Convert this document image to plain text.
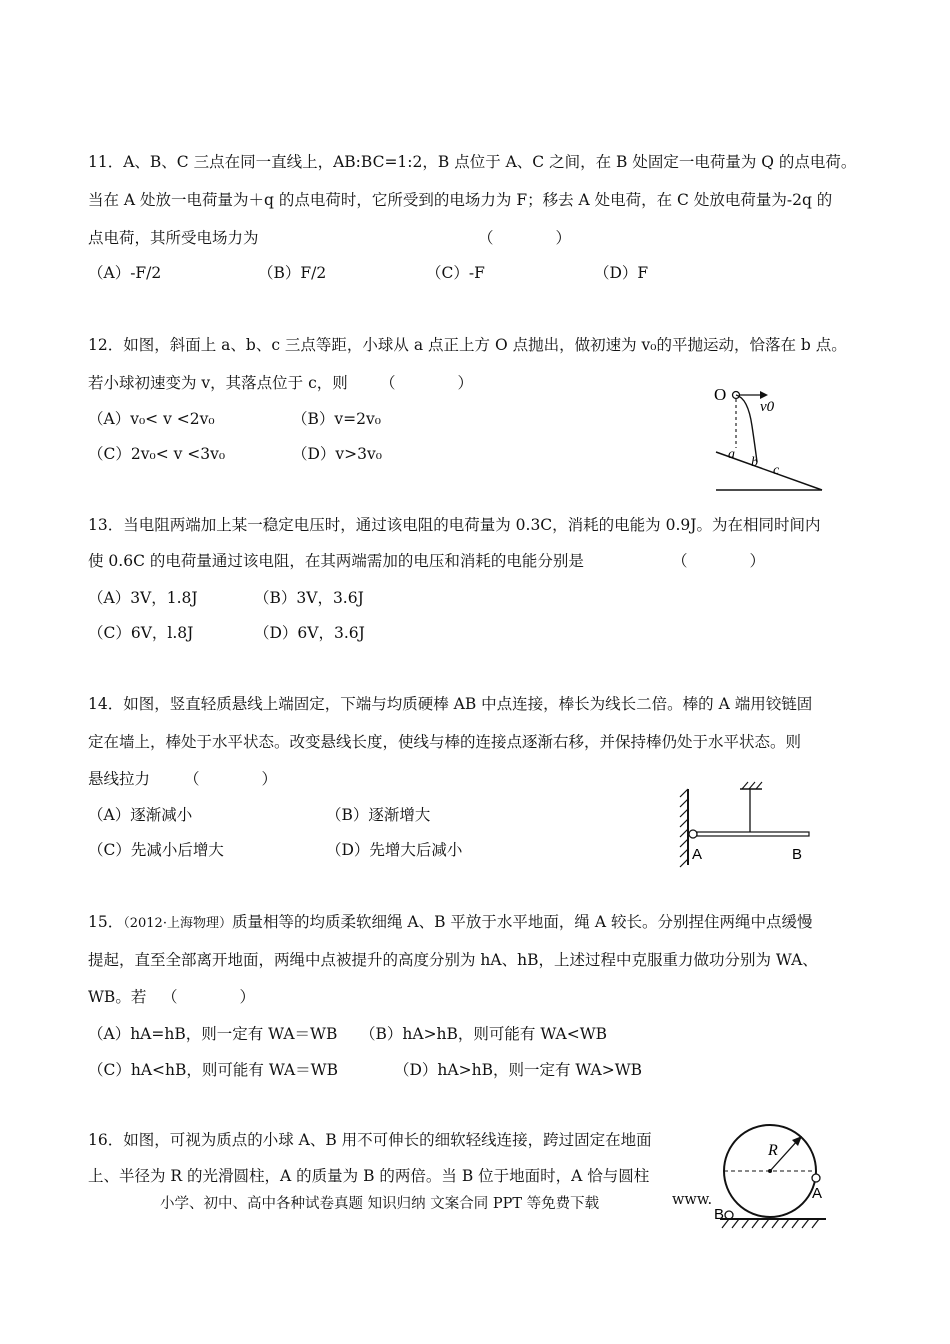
11．A、B、C 三点在同一直线上，AB:BC=1:2，B 点位于 A、C 之间，在 B 处固定一电荷量为 Q 的点电荷。
当在 A 处放一电荷量为＋q 的点电荷时，它所受到的电场力为 F；移去 A 处电荷，在 C 处放电荷量为-2q 的
点电荷，其所受电场力为	（　　　　）
（A）-F/2	（B）F/2	（C）-F	（D）F
12．如图，斜面上 a、b、c 三点等距，小球从 a 点正上方 O 点抛出，做初速为 v₀的平抛运动，恰落在 b 点。
若小球初速变为 v，其落点位于 c，则 （　　　　）
（A）v₀< v <2v₀	（B）v=2v₀
（C）2v₀< v <3v₀	（D）v>3v₀
O
v0
a
b
c
13．当电阻两端加上某一稳定电压时，通过该电阻的电荷量为 0.3C，消耗的电能为 0.9J。为在相同时间内
使 0.6C 的电荷量通过该电阻，在其两端需加的电压和消耗的电能分别是	（　　　　）
（A）3V，1.8J	（B）3V，3.6J
（C）6V，l.8J	（D）6V，3.6J
14．如图，竖直轻质悬线上端固定，下端与均质硬棒 AB 中点连接，棒长为线长二倍。棒的 A 端用铰链固
定在墙上，棒处于水平状态。改变悬线长度，使线与棒的连接点逐渐右移，并保持棒仍处于水平状态。则
悬线拉力 （　　　　）
（A）逐渐减小	（B）逐渐增大
（C）先减小后增大	（D）先增大后减小	A	B
15．（2012·上海物理）质量相等的均质柔软细绳 A、B 平放于水平地面，绳 A 较长。分别捏住两绳中点缓慢
提起，直至全部离开地面，两绳中点被提升的高度分别为 hA、hB，上述过程中克服重力做功分别为 WA、
WB。若 （　　　　）
（A）hA=hB，则一定有 WA＝WB （B）hA>hB，则可能有 WA<WB
（C）hA<hB，则可能有 WA＝WB	（D）hA>hB，则一定有 WA>WB
16．如图，可视为质点的小球 A、B 用不可伸长的细软轻线连接，跨过固定在地面
上、半径为 R 的光滑圆柱，A 的质量为 B 的两倍。当 B 位于地面时，A 恰与圆柱
R
A
B
小学、初中、高中各种试卷真题 知识归纳 文案合同 PPT 等免费下载	www.
